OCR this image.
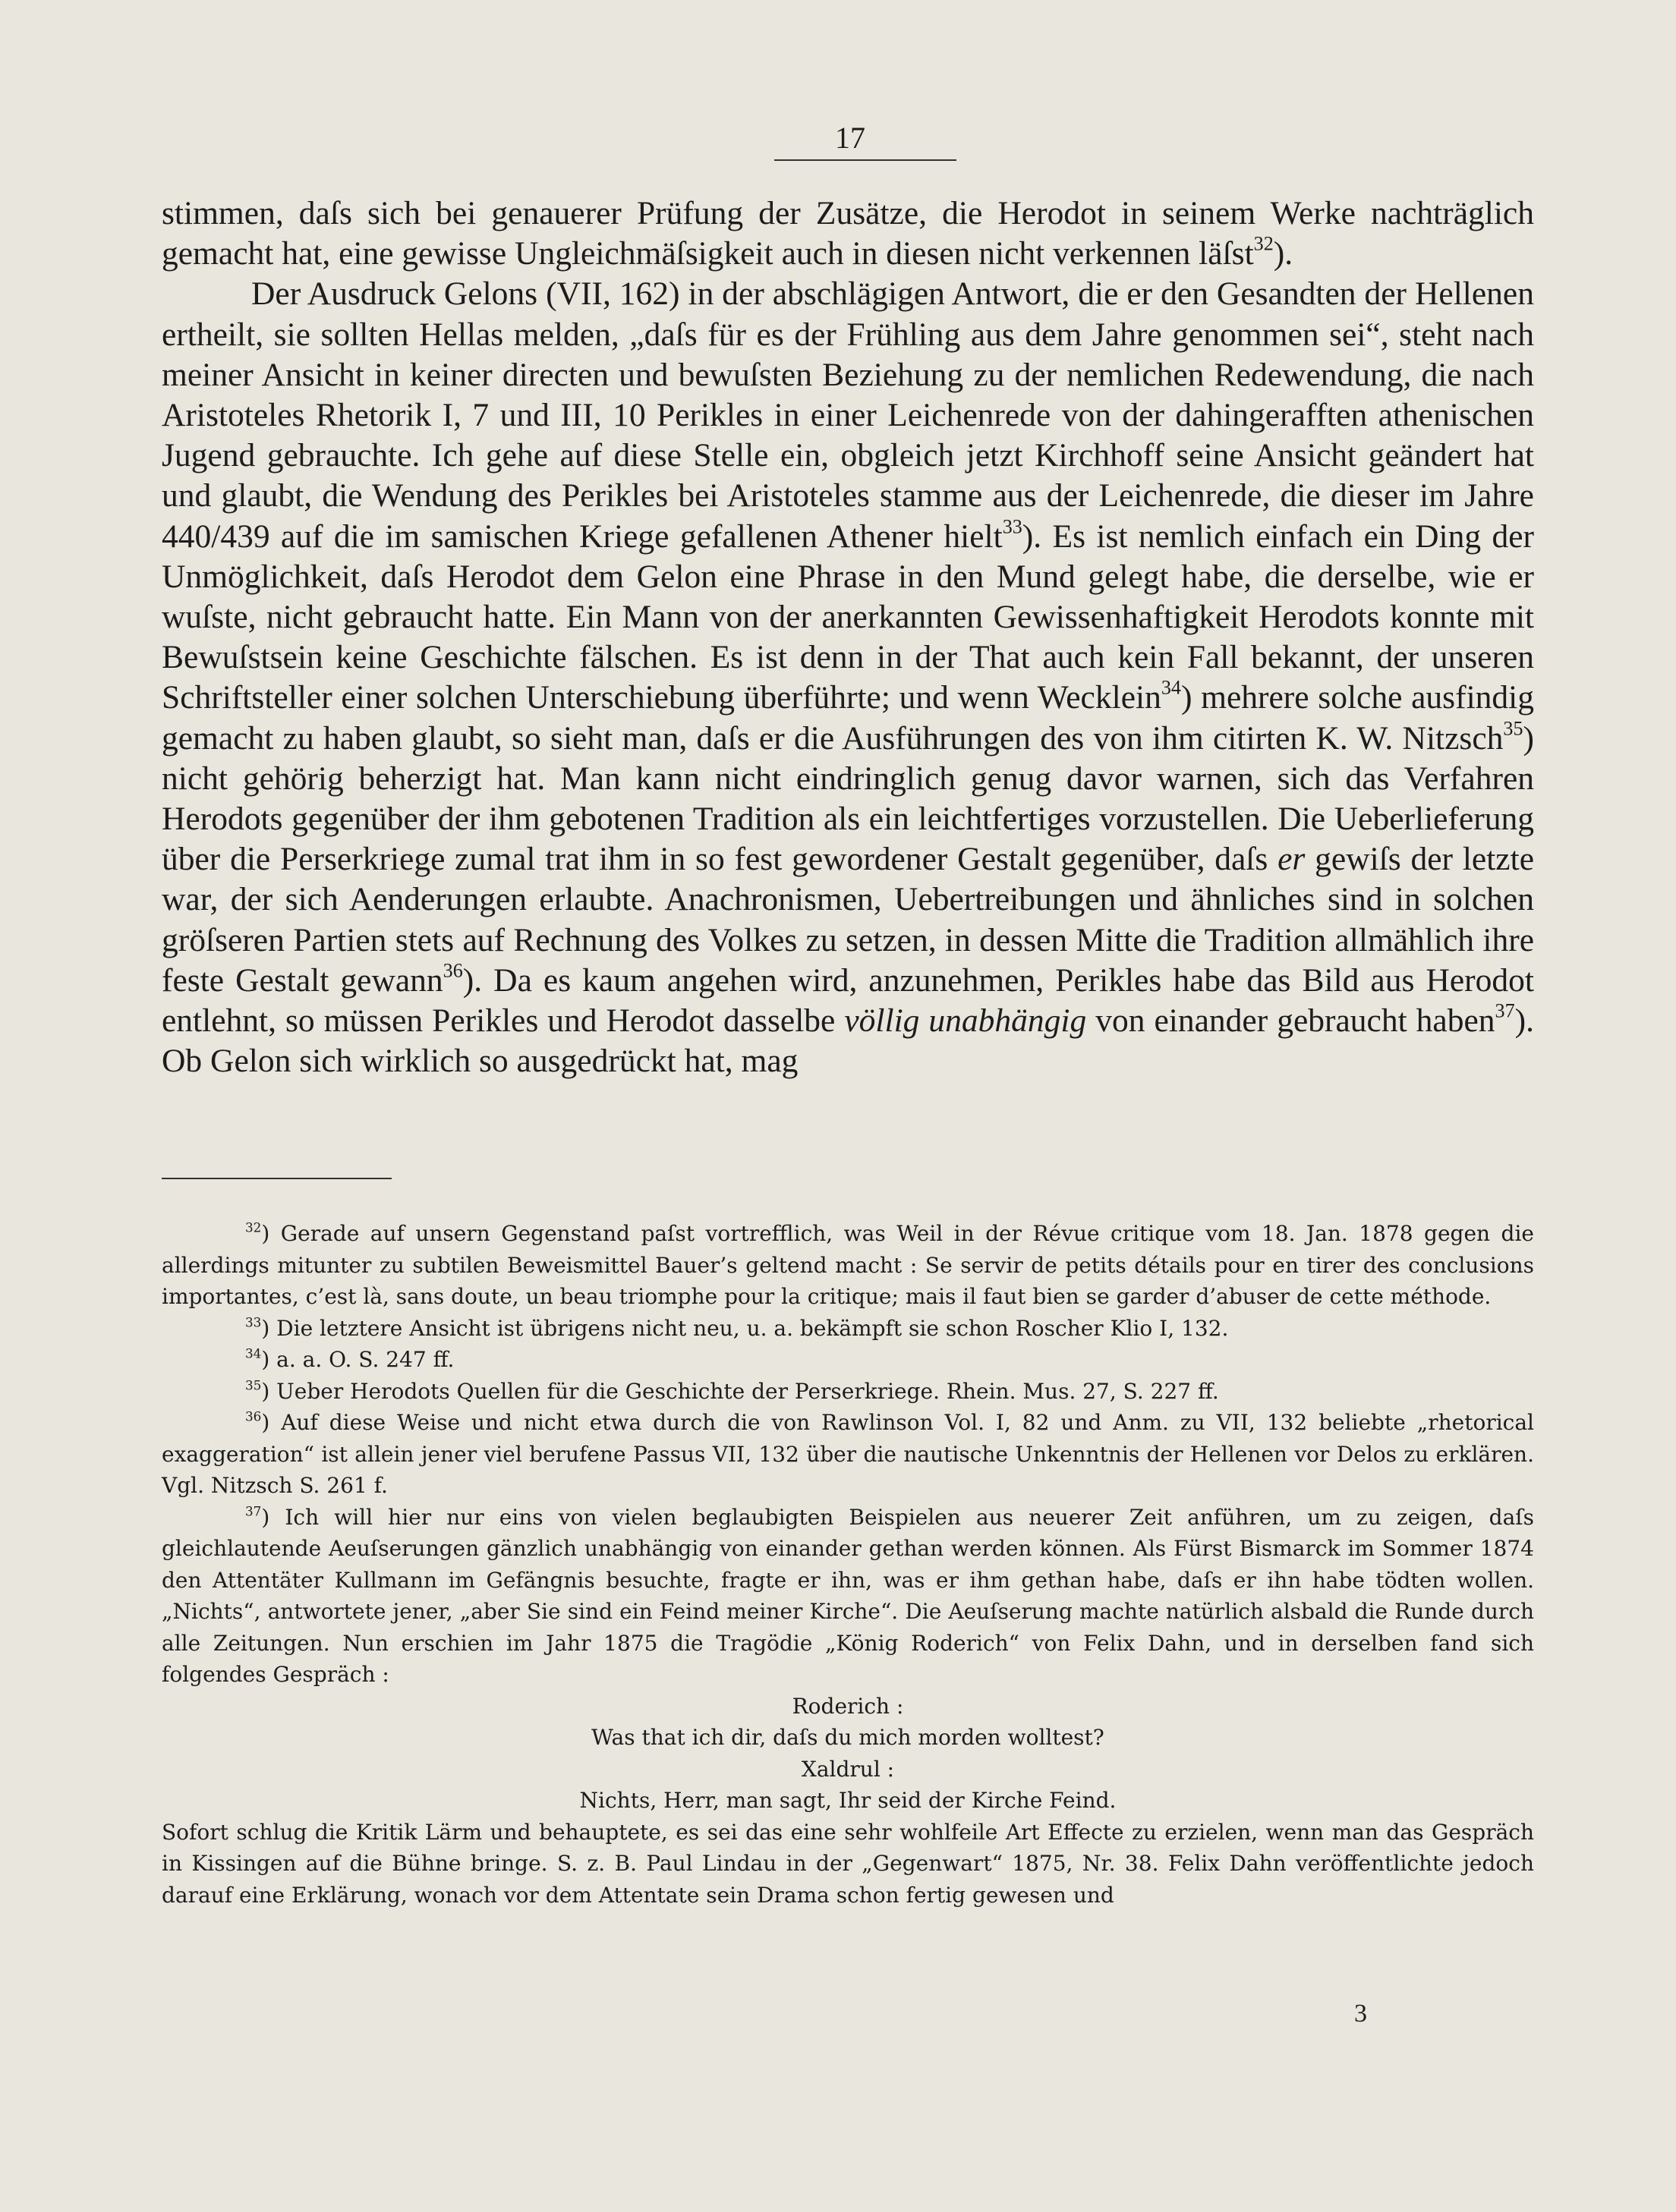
17

stimmen, daſs sich bei genauerer Prüfung der Zusätze, die Herodot in seinem Werke nachträglich gemacht hat, eine gewisse Ungleichmäſsigkeit auch in diesen nicht verkennen läſst$^{32}$).

Der Ausdruck Gelons (VII, 162) in der abschlägigen Antwort, die er den Gesandten der Hellenen ertheilt, sie sollten Hellas melden, „daſs für es der Frühling aus dem Jahre genommen sei“, steht nach meiner Ansicht in keiner directen und bewuſsten Beziehung zu der nemlichen Redewendung, die nach Aristoteles Rhetorik I, 7 und III, 10 Perikles in einer Leichenrede von der dahingerafften athenischen Jugend gebrauchte. Ich gehe auf diese Stelle ein, obgleich jetzt Kirchhoff seine Ansicht geändert hat und glaubt, die Wendung des Perikles bei Aristoteles stamme aus der Leichenrede, die dieser im Jahre 440/439 auf die im samischen Kriege gefallenen Athener hielt$^{33}$). Es ist nemlich einfach ein Ding der Unmöglichkeit, daſs Herodot dem Gelon eine Phrase in den Mund gelegt habe, die derselbe, wie er wuſste, nicht gebraucht hatte. Ein Mann von der anerkannten Gewissenhaftigkeit Herodots konnte mit Bewuſstsein keine Geschichte fälschen. Es ist denn in der That auch kein Fall bekannt, der unseren Schriftsteller einer solchen Unterschiebung überführte; und wenn Wecklein$^{34}$) mehrere solche ausfindig gemacht zu haben glaubt, so sieht man, daſs er die Ausführungen des von ihm citirten K. W. Nitzsch$^{35}$) nicht gehörig beherzigt hat. Man kann nicht eindringlich genug davor warnen, sich das Verfahren Herodots gegenüber der ihm gebotenen Tradition als ein leichtfertiges vorzustellen. Die Ueberlieferung über die Perserkriege zumal trat ihm in so fest gewordener Gestalt gegenüber, daſs er gewiſs der letzte war, der sich Aenderungen erlaubte. Anachronismen, Uebertreibungen und ähnliches sind in solchen gröſseren Partien stets auf Rechnung des Volkes zu setzen, in dessen Mitte die Tradition allmählich ihre feste Gestalt gewann$^{36}$). Da es kaum angehen wird, anzunehmen, Perikles habe das Bild aus Herodot entlehnt, so müssen Perikles und Herodot dasselbe völlig unabhängig von einander gebraucht haben$^{37}$). Ob Gelon sich wirklich so ausgedrückt hat, mag

$^{32}$) Gerade auf unsern Gegenstand paſst vortrefflich, was Weil in der Révue critique vom 18. Jan. 1878 gegen die allerdings mitunter zu subtilen Beweismittel Bauer’s geltend macht : Se servir de petits détails pour en tirer des conclusions importantes, c’est là, sans doute, un beau triomphe pour la critique; mais il faut bien se garder d’abuser de cette méthode.

$^{33}$) Die letztere Ansicht ist übrigens nicht neu, u. a. bekämpft sie schon Roscher Klio I, 132.

$^{34}$) a. a. O. S. 247 ff.

$^{35}$) Ueber Herodots Quellen für die Geschichte der Perserkriege. Rhein. Mus. 27, S. 227 ff.

$^{36}$) Auf diese Weise und nicht etwa durch die von Rawlinson Vol. I, 82 und Anm. zu VII, 132 beliebte „rhetorical exaggeration“ ist allein jener viel berufene Passus VII, 132 über die nautische Unkenntnis der Hellenen vor Delos zu erklären. Vgl. Nitzsch S. 261 f.

$^{37}$) Ich will hier nur eins von vielen beglaubigten Beispielen aus neuerer Zeit anführen, um zu zeigen, daſs gleichlautende Aeuſserungen gänzlich unabhängig von einander gethan werden können. Als Fürst Bismarck im Sommer 1874 den Attentäter Kullmann im Gefängnis besuchte, fragte er ihn, was er ihm gethan habe, daſs er ihn habe tödten wollen. „Nichts“, antwortete jener, „aber Sie sind ein Feind meiner Kirche“. Die Aeuſserung machte natürlich alsbald die Runde durch alle Zeitungen. Nun erschien im Jahr 1875 die Tragödie „König Roderich“ von Felix Dahn, und in derselben fand sich folgendes Gespräch :

Roderich :

Was that ich dir, daſs du mich morden wolltest?

Xaldrul :

Nichts, Herr, man sagt, Ihr seid der Kirche Feind.

Sofort schlug die Kritik Lärm und behauptete, es sei das eine sehr wohlfeile Art Effecte zu erzielen, wenn man das Gespräch in Kissingen auf die Bühne bringe. S. z. B. Paul Lindau in der „Gegenwart“ 1875, Nr. 38. Felix Dahn veröffentlichte jedoch darauf eine Erklärung, wonach vor dem Attentate sein Drama schon fertig gewesen und

3
